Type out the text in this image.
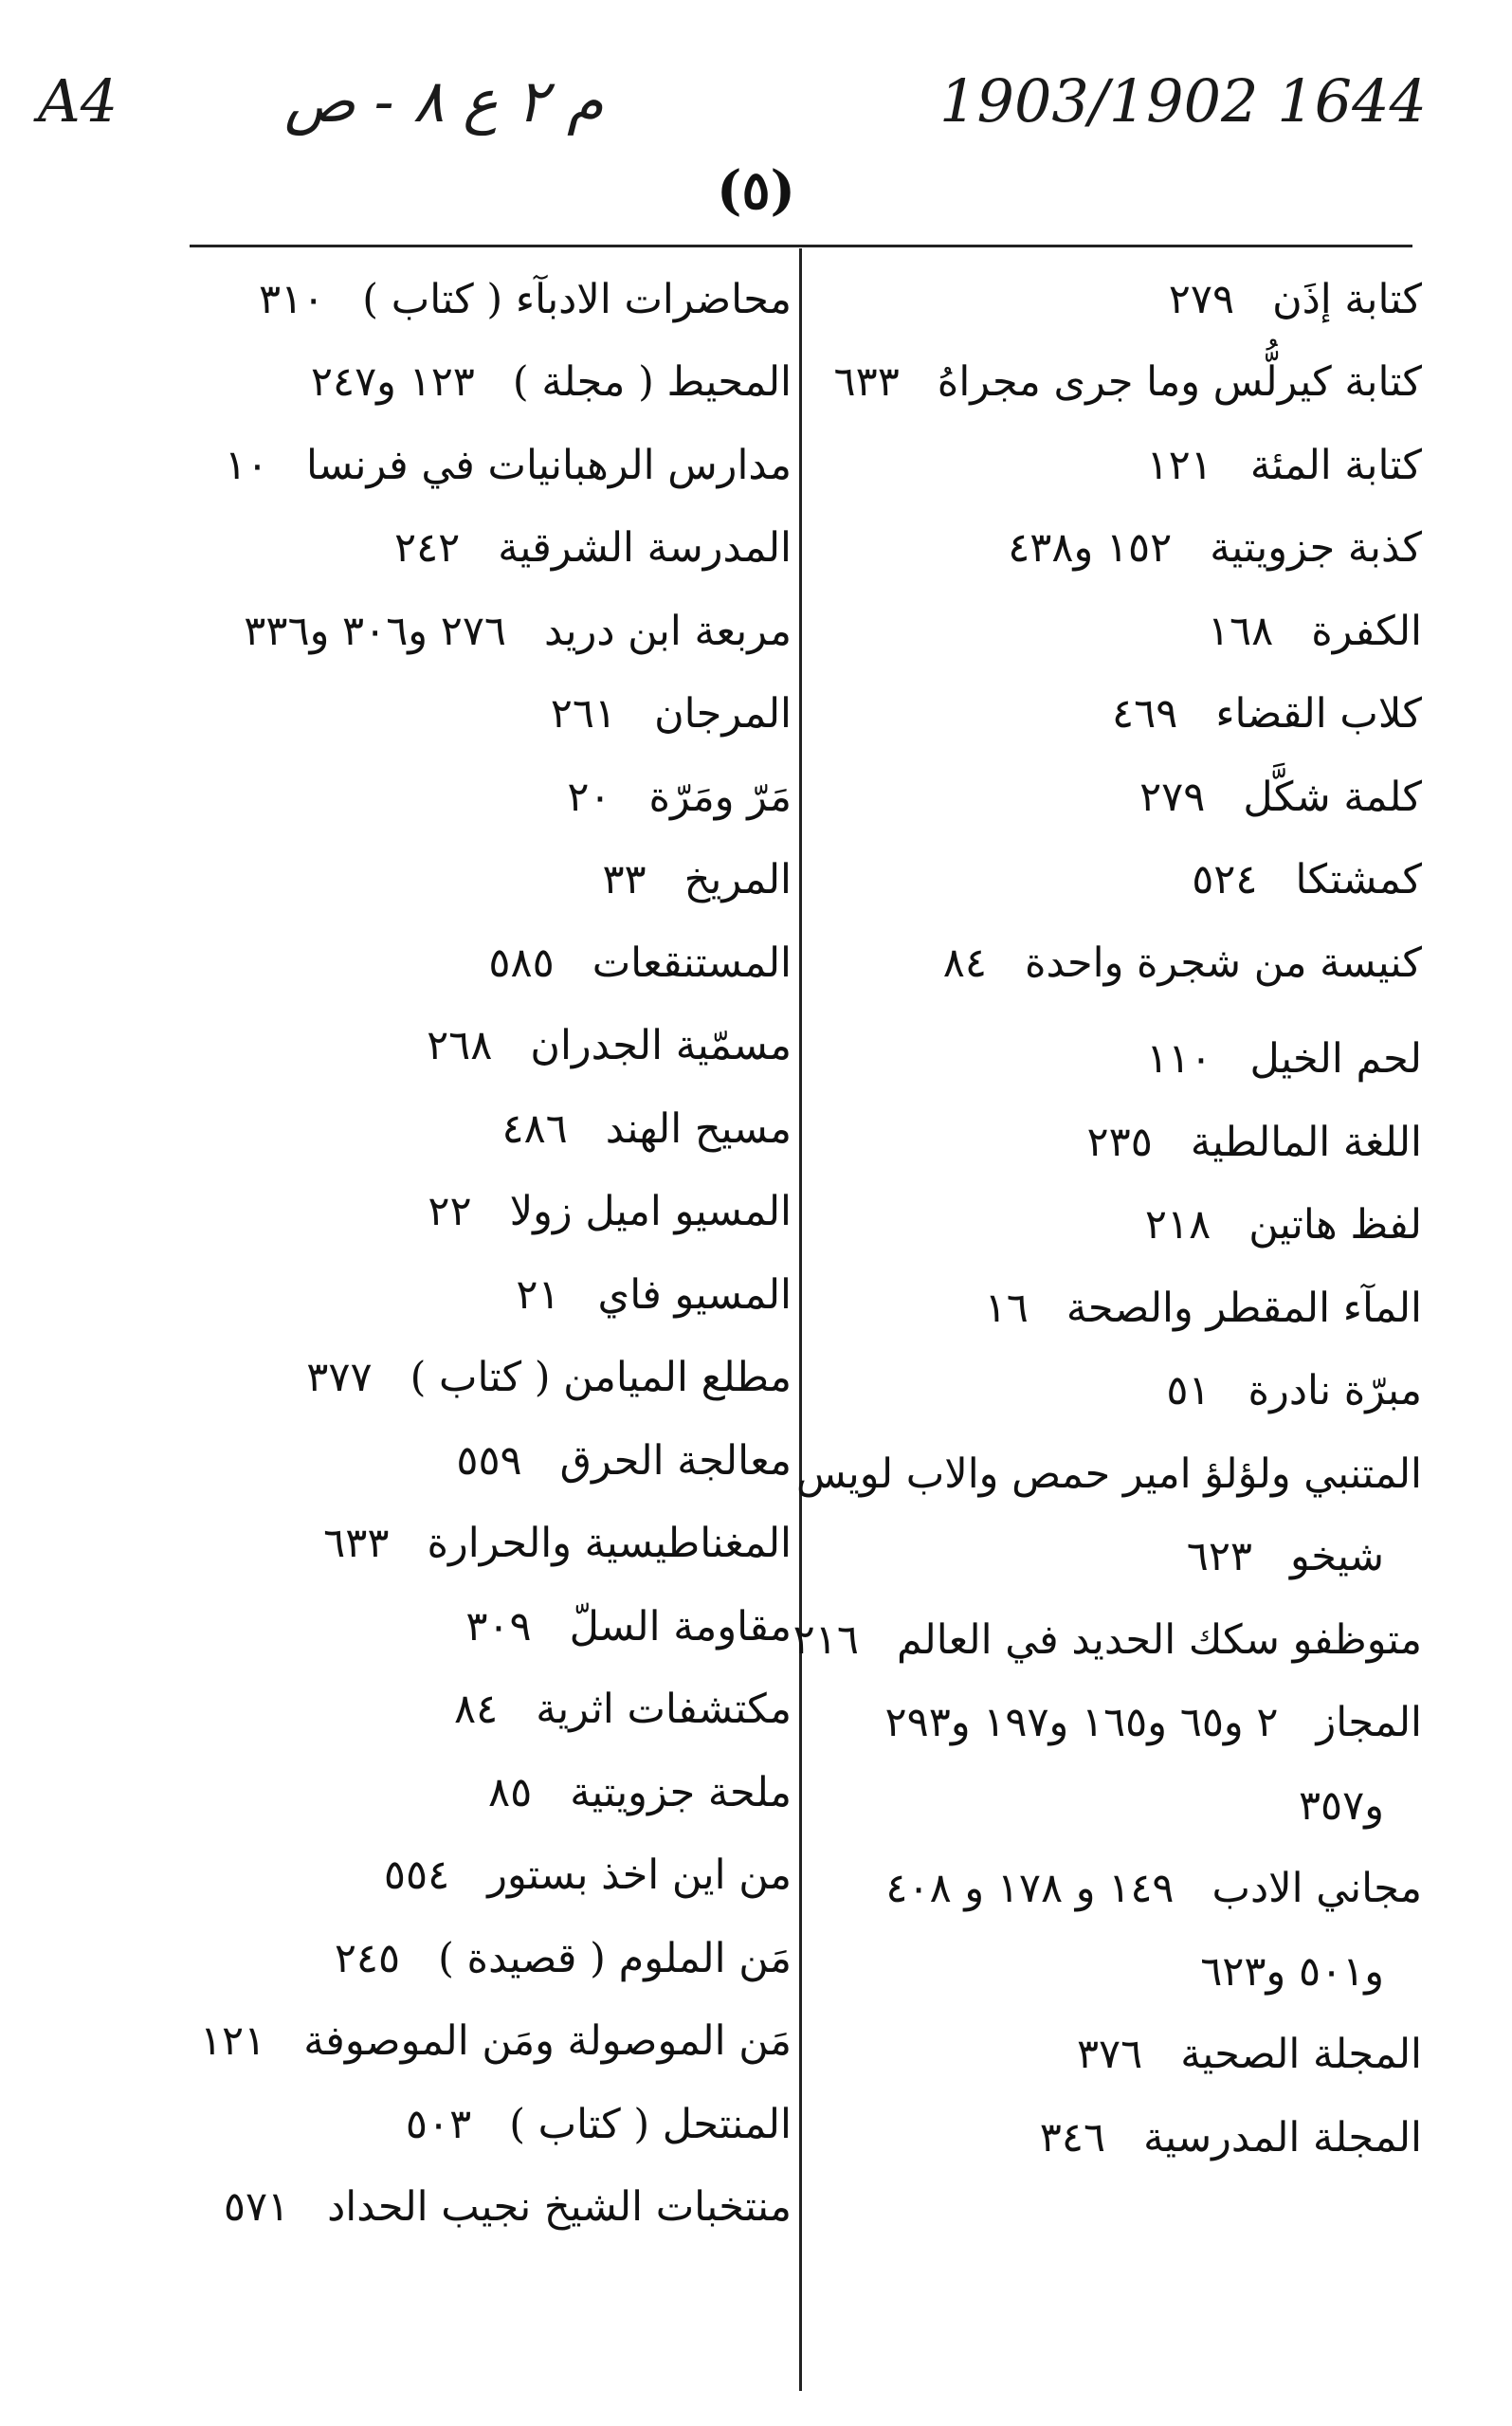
A4	م ٢ ع ٨ - ص	1903/1902 1644
(٥)
كتابة إذَن
٢٧٩
كتابة كيرلُّس وما جرى مجراهُ
٦٣٣
كتابة المئة
١٢١
كذبة جزويتية
١٥٢ و٤٣٨
الكفرة
١٦٨
كلاب القضاء
٤٦٩
كلمة شكَّل
٢٧٩
كمشتكا
٥٢٤
كنيسة من شجرة واحدة
٨٤
لحم الخيل
١١٠
اللغة المالطية
٢٣٥
لفظ هاتين
٢١٨
المآء المقطر والصحة
١٦
مبرّة نادرة
٥١
المتنبي ولؤلؤ امير حمص والاب لويس
شيخو
٦٢٣
متوظفو سكك الحديد في العالم
٢١٦
المجاز
٢ و٦٥ و١٦٥ و١٩٧ و٢٩٣
و٣٥٧
مجاني الادب
١٤٩ و ١٧٨ و ٤٠٨
و٥٠١ و٦٢٣
المجلة الصحية
٣٧٦
المجلة المدرسية
٣٤٦
محاضرات الادبآء ( كتاب )
٣١٠
المحيط ( مجلة )
١٢٣ و٢٤٧
مدارس الرهبانيات في فرنسا
١٠
المدرسة الشرقية
٢٤٢
مربعة ابن دريد
٢٧٦ و٣٠٦ و٣٣٦
المرجان
٢٦١
مَرّ ومَرّة
٢٠
المريخ
٣٣
المستنقعات
٥٨٥
مسمّية الجدران
٢٦٨
مسيح الهند
٤٨٦
المسيو اميل زولا
٢٢
المسيو فاي
٢١
مطلع الميامن ( كتاب )
٣٧٧
معالجة الحرق
٥٥٩
المغناطيسية والحرارة
٦٣٣
مقاومة السلّ
٣٠٩
مكتشفات اثرية
٨٤
ملحة جزويتية
٨٥
من اين اخذ بستور
٥٥٤
مَن الملوم ( قصيدة )
٢٤٥
مَن الموصولة ومَن الموصوفة
١٢١
المنتحل ( كتاب )
٥٠٣
منتخبات الشيخ نجيب الحداد
٥٧١
